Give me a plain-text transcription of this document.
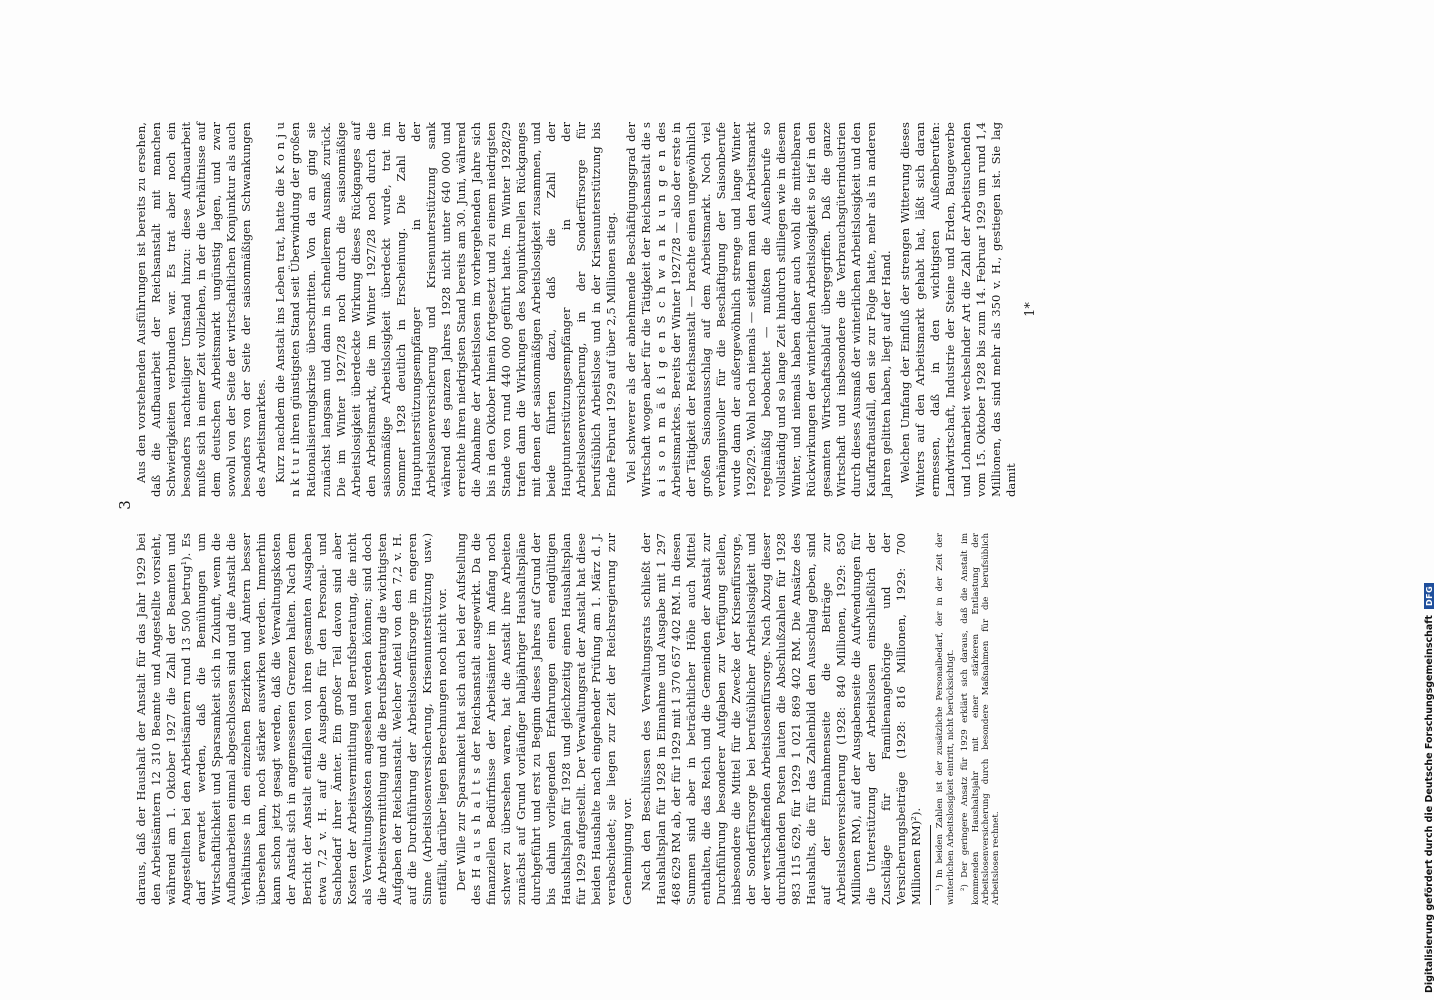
3

daraus, daß der Haushalt der Anstalt für das Jahr 1929 bei den Arbeitsämtern 12 310 Beamte und Angestellte vorsieht, während am 1. Oktober 1927 die Zahl der Beamten und Angestellten bei den Arbeitsämtern rund 13 500 betrug¹). Es darf erwartet werden, daß die Bemühungen um Wirtschaftlichkeit und Sparsamkeit sich in Zukunft, wenn die Aufbauarbeiten einmal abgeschlossen sind und die Anstalt die Verhältnisse in den einzelnen Bezirken und Ämtern besser übersehen kann, noch stärker auswirken werden. Immerhin kann schon jetzt gesagt werden, daß die Verwaltungskosten der Anstalt sich in angemessenen Grenzen halten. Nach dem Bericht der Anstalt entfallen von ihren gesamten Ausgaben etwa 7,2 v. H. auf die Ausgaben für den Personal- und Sachbedarf ihrer Ämter. Ein großer Teil davon sind aber Kosten der Arbeitsvermittlung und Berufsberatung, die nicht als Verwaltungskosten angesehen werden können; sind doch die Arbeitsvermittlung und die Berufsberatung die wichtigsten Aufgaben der Reichsanstalt. Welcher Anteil von den 7,2 v. H. auf die Durchführung der Arbeitslosenfürsorge im engeren Sinne (Arbeitslosenversicherung, Krisenunterstützung usw.) entfällt, darüber liegen Berechnungen noch nicht vor. Der Wille zur Sparsamkeit hat sich auch bei der Aufstellung des H a u s h a l t s der Reichsanstalt ausgewirkt. Da die finanziellen Bedürfnisse der Arbeitsämter im Anfang noch schwer zu übersehen waren, hat die Anstalt ihre Arbeiten zunächst auf Grund vorläufiger halbjähriger Haushaltspläne durchgeführt und erst zu Beginn dieses Jahres auf Grund der bis dahin vorliegenden Erfahrungen einen endgültigen Haushaltsplan für 1928 und gleichzeitig einen Haushaltsplan für 1929 aufgestellt. Der Verwaltungsrat der Anstalt hat diese beiden Haushalte nach eingehender Prüfung am 1. März d. J. verabschiedet; sie liegen zur Zeit der Reichsregierung zur Genehmigung vor. Nach den Beschlüssen des Verwaltungsrats schließt der Haushaltsplan für 1928 in Einnahme und Ausgabe mit 1 297 468 629 RM ab, der für 1929 mit 1 370 657 402 RM. In diesen Summen sind aber in beträchtlicher Höhe auch Mittel enthalten, die das Reich und die Gemeinden der Anstalt zur Durchführung besonderer Aufgaben zur Verfügung stellen, insbesondere die Mittel für die Zwecke der Krisenfürsorge, der Sonderfürsorge bei berufsüblicher Arbeitslosigkeit und der wertschaffenden Arbeitslosenfürsorge. Nach Abzug dieser durchlaufenden Posten lauten die Abschlußzahlen für 1928 983 115 629, für 1929 1 021 869 402 RM. Die Ansätze des Haushalts, die für das Zahlenbild den Ausschlag geben, sind auf der Einnahmenseite die Beiträge zur Arbeitslosenversicherung (1928: 840 Millionen, 1929: 850 Millionen RM), auf der Ausgabenseite die Aufwendungen für die Unterstützung der Arbeitslosen einschließlich der Zuschläge für Familienangehörige und der Versicherungsbeiträge (1928: 816 Millionen, 1929: 700 Millionen RM)²). ¹) In beiden Zahlen ist der zusätzliche Personalbedarf, der in der Zeit der winterlichen Arbeitslosigkeit eintritt, nicht berücksichtigt. ²) Der geringere Ansatz für 1929 erklärt sich daraus, daß die Anstalt im kommenden Haushaltsjahr mit einer stärkeren Entlastung der Arbeitslosenversicherung durch besondere Maßnahmen für die berufsüblich Arbeitslosen rechnet.

Aus den vorstehenden Ausführungen ist bereits zu ersehen, daß die Aufbauarbeit der Reichsanstalt mit manchen Schwierigkeiten verbunden war. Es trat aber noch ein besonders nachteiliger Umstand hinzu: diese Aufbauarbeit mußte sich in einer Zeit vollziehen, in der die Verhältnisse auf dem deutschen Arbeitsmarkt ungünstig lagen, und zwar sowohl von der Seite der wirtschaftlichen Konjunktur als auch besonders von der Seite der saisonmäßigen Schwankungen des Arbeitsmarktes. Kurz nachdem die Anstalt ins Leben trat, hatte die K o n j u n k t u r ihren günstigsten Stand seit Überwindung der großen Rationalisierungskrise überschritten. Von da an ging sie zunächst langsam und dann in schnellerem Ausmaß zurück. Die im Winter 1927/28 noch durch die saisonmäßige Arbeitslosigkeit überdeckte Wirkung dieses Rückganges auf den Arbeitsmarkt, die im Winter 1927/28 noch durch die saisonmäßige Arbeitslosigkeit überdeckt wurde, trat im Sommer 1928 deutlich in Erscheinung. Die Zahl der Hauptunterstützungsempfänger in der Arbeitslosenversicherung und Krisenunterstützung sank während des ganzen Jahres 1928 nicht unter 640 000 und erreichte ihren niedrigsten Stand bereits am 30. Juni, während die Abnahme der Arbeitslosen im vorhergehenden Jahre sich bis in den Oktober hinein fortgesetzt und zu einem niedrigsten Stande von rund 440 000 geführt hatte. Im Winter 1928/29 trafen dann die Wirkungen des konjunkturellen Rückganges mit denen der saisonmäßigen Arbeitslosigkeit zusammen, und beide führten dazu, daß die Zahl der Hauptunterstützungsempfänger in der Arbeitslosenversicherung, in der Sonderfürsorge für berufsüblich Arbeitslose und in der Krisenunterstützung bis Ende Februar 1929 auf über 2,5 Millionen stieg. Viel schwerer als der abnehmende Beschäftigungsgrad der Wirtschaft wogen aber für die Tätigkeit der Reichsanstalt die s a i s o n m ä ß i g e n S c h w a n k u n g e n des Arbeitsmarktes. Bereits der Winter 1927/28 — also der erste in der Tätigkeit der Reichsanstalt — brachte einen ungewöhnlich großen Saisonausschlag auf dem Arbeitsmarkt. Noch viel verhängnisvoller für die Beschäftigung der Saisonberufe wurde dann der außergewöhnlich strenge und lange Winter 1928/29. Wohl noch niemals — seitdem man den Arbeitsmarkt regelmäßig beobachtet — mußten die Außenberufe so vollständig und so lange Zeit hindurch stilliegen wie in diesem Winter, und niemals haben daher auch wohl die mittelbaren Rückwirkungen der winterlichen Arbeitslosigkeit so tief in den gesamten Wirtschaftsablauf übergegriffen. Daß die ganze Wirtschaft und insbesondere die Verbrauchsgüterindustrien durch dieses Ausmaß der winterlichen Arbeitslosigkeit und den Kaufkraftausfall, den sie zur Folge hatte, mehr als in anderen Jahren gelitten haben, liegt auf der Hand. Welchen Umfang der Einfluß der strengen Witterung dieses Winters auf den Arbeitsmarkt gehabt hat, läßt sich daran ermessen, daß in den wichtigsten Außenberufen: Landwirtschaft, Industrie der Steine und Erden, Baugewerbe und Lohnarbeit wechselnder Art die Zahl der Arbeitsuchenden vom 15. Oktober 1928 bis zum 14. Februar 1929 um rund 1,4 Millionen, das sind mehr als 350 v. H., gestiegen ist. Sie lag damit

1*
Digitalisierung gefördert durch die Deutsche Forschungsgemeinschaft
DFG
